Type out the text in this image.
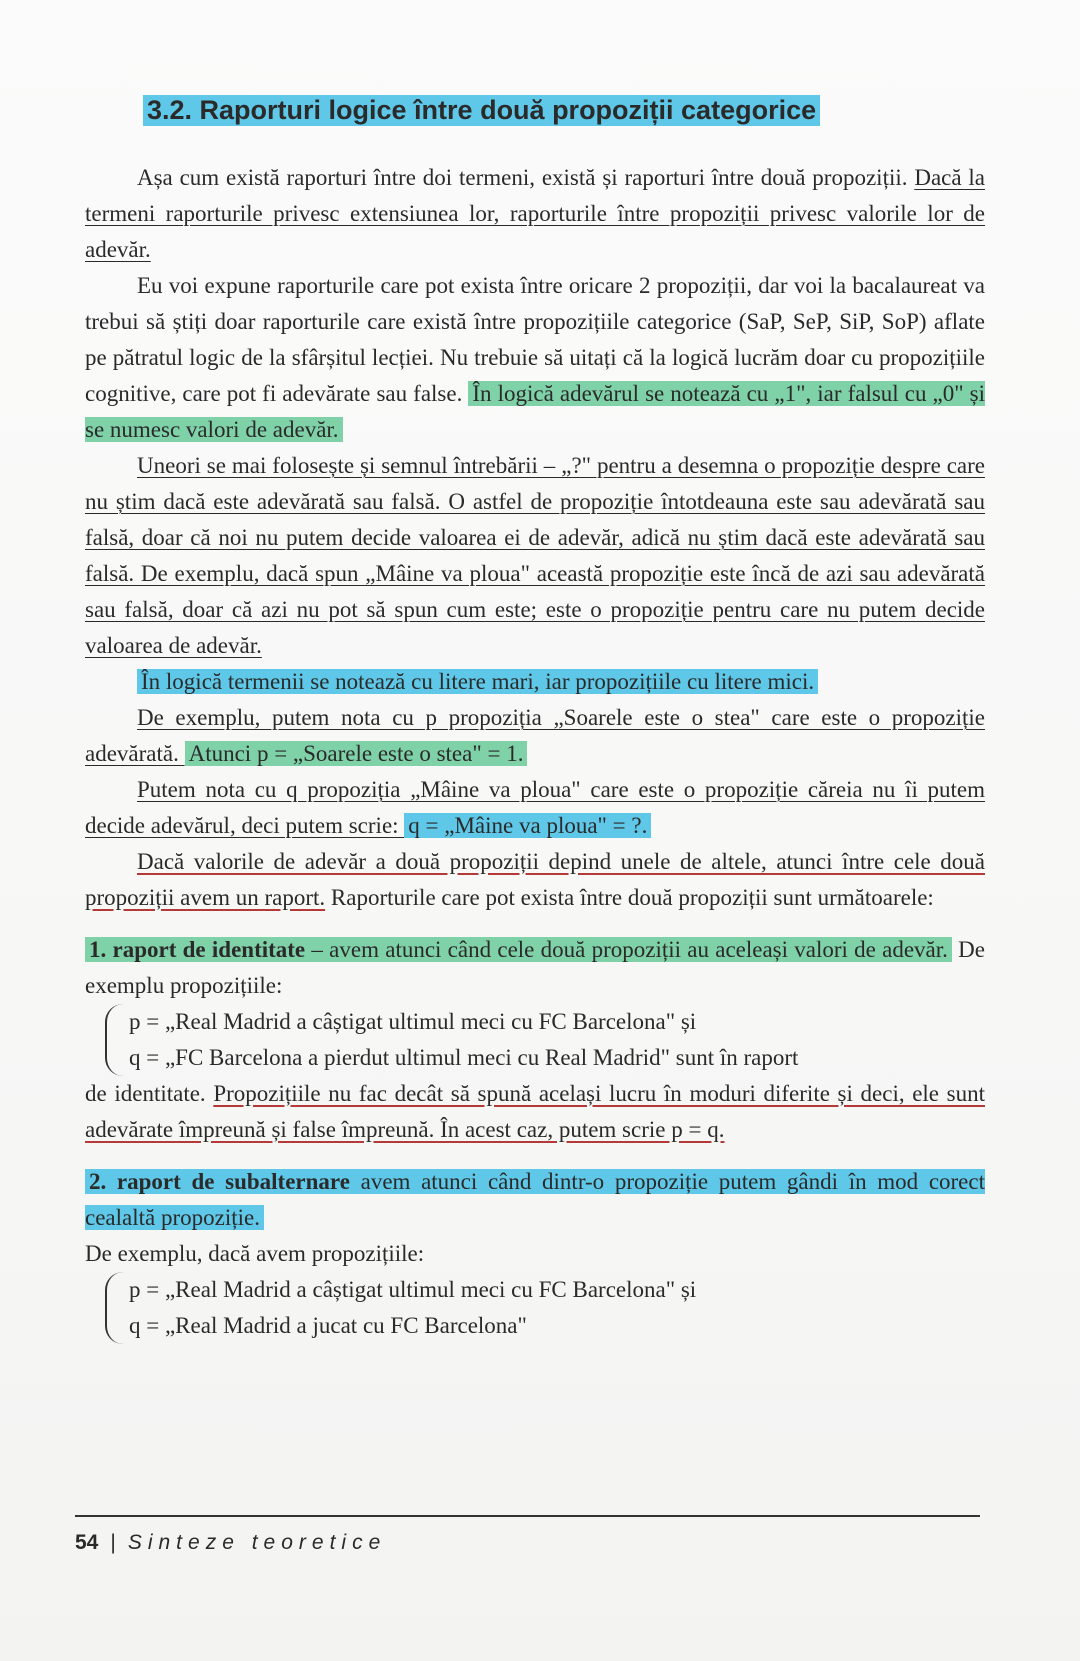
3.2. Raporturi logice între două propoziții categorice

Așa cum există raporturi între doi termeni, există și raporturi între două propoziții. Dacă la termeni raporturile privesc extensiunea lor, raporturile între propoziții privesc valorile lor de adevăr.

Eu voi expune raporturile care pot exista între oricare 2 propoziții, dar voi la bacalaureat va trebui să știți doar raporturile care există între propozițiile categorice (SaP, SeP, SiP, SoP) aflate pe pătratul logic de la sfârșitul lecției. Nu trebuie să uitați că la logică lucrăm doar cu propozițiile cognitive, care pot fi adevărate sau false. În logică adevărul se notează cu „1", iar falsul cu „0" și se numesc valori de adevăr.

Uneori se mai folosește și semnul întrebării – „?" pentru a desemna o propoziție despre care nu știm dacă este adevărată sau falsă. O astfel de propoziție întotdeauna este sau adevărată sau falsă, doar că noi nu putem decide valoarea ei de adevăr, adică nu știm dacă este adevărată sau falsă. De exemplu, dacă spun „Mâine va ploua" această propoziție este încă de azi sau adevărată sau falsă, doar că azi nu pot să spun cum este; este o propoziție pentru care nu putem decide valoarea de adevăr.

În logică termenii se notează cu litere mari, iar propozițiile cu litere mici.

De exemplu, putem nota cu p propoziția „Soarele este o stea" care este o propoziție adevărată. Atunci p = „Soarele este o stea" = 1.

Putem nota cu q propoziția „Mâine va ploua" care este o propoziție căreia nu îi putem decide adevărul, deci putem scrie: q = „Mâine va ploua" = ?.

Dacă valorile de adevăr a două propoziții depind unele de altele, atunci între cele două propoziții avem un raport. Raporturile care pot exista între două propoziții sunt următoarele:

1. raport de identitate – avem atunci când cele două propoziții au aceleași valori de adevăr. De exemplu propozițiile:

p = „Real Madrid a câștigat ultimul meci cu FC Barcelona" și

q = „FC Barcelona a pierdut ultimul meci cu Real Madrid" sunt în raport

de identitate. Propozițiile nu fac decât să spună același lucru în moduri diferite și deci, ele sunt adevărate împreună și false împreună. În acest caz, putem scrie p = q.

2. raport de subalternare avem atunci când dintr-o propoziție putem gândi în mod corect cealaltă propoziție.

De exemplu, dacă avem propozițiile:

p = „Real Madrid a câștigat ultimul meci cu FC Barcelona" și

q = „Real Madrid a jucat cu FC Barcelona"

54 | Sinteze teoretice
